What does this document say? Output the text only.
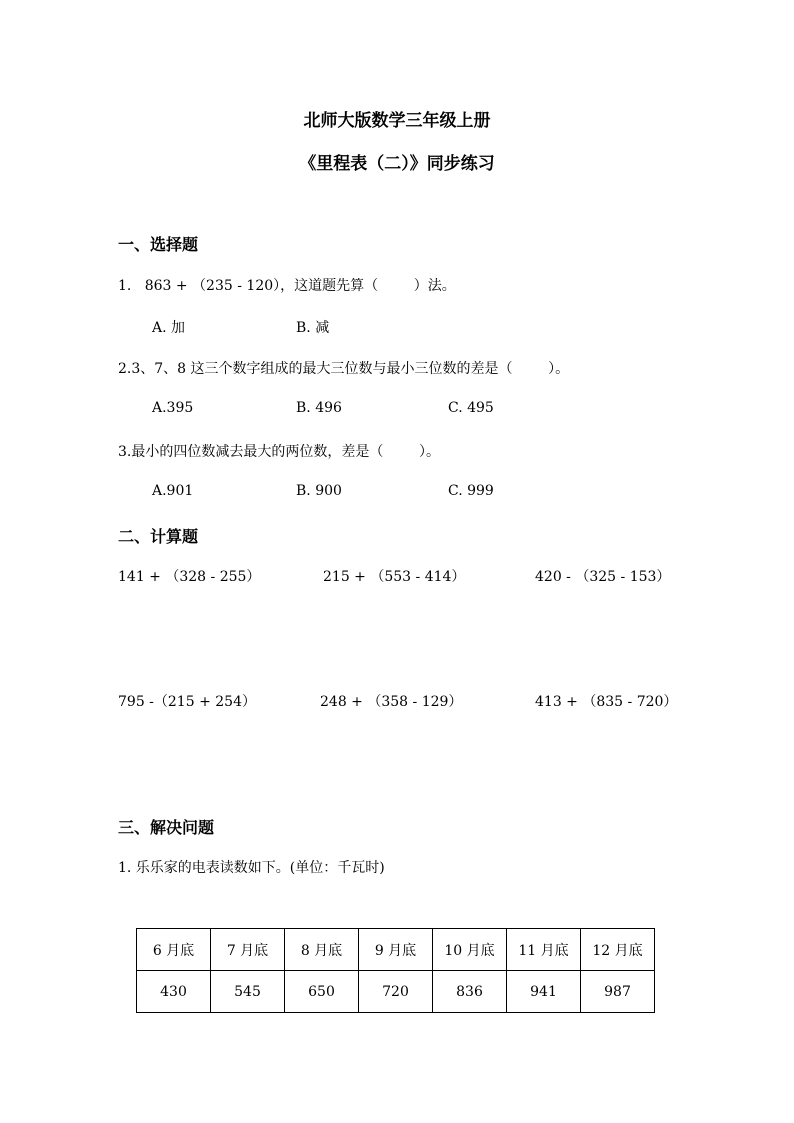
北师大版数学三年级上册
《里程表（二）》同步练习
一、选择题
1.   863 + （235 - 120），这道题先算（        ）法。
A. 加	B. 减
2.3、7、8 这三个数字组成的最大三位数与最小三位数的差是（        ）。
A.395	B. 496	C. 495
3.最小的四位数减去最大的两位数，差是（        ）。
A.901	B. 900	C. 999
二、计算题
141 + （328 - 255）	215 + （553 - 414）	420 - （325 - 153）
795 -（215 + 254）	248 + （358 - 129）	413 + （835 - 720）
三、解决问题
1. 乐乐家的电表读数如下。(单位：千瓦时)
6 月底	7 月底	8 月底	9 月底	10 月底	11 月底	12 月底
430	545	650	720	836	941	987
